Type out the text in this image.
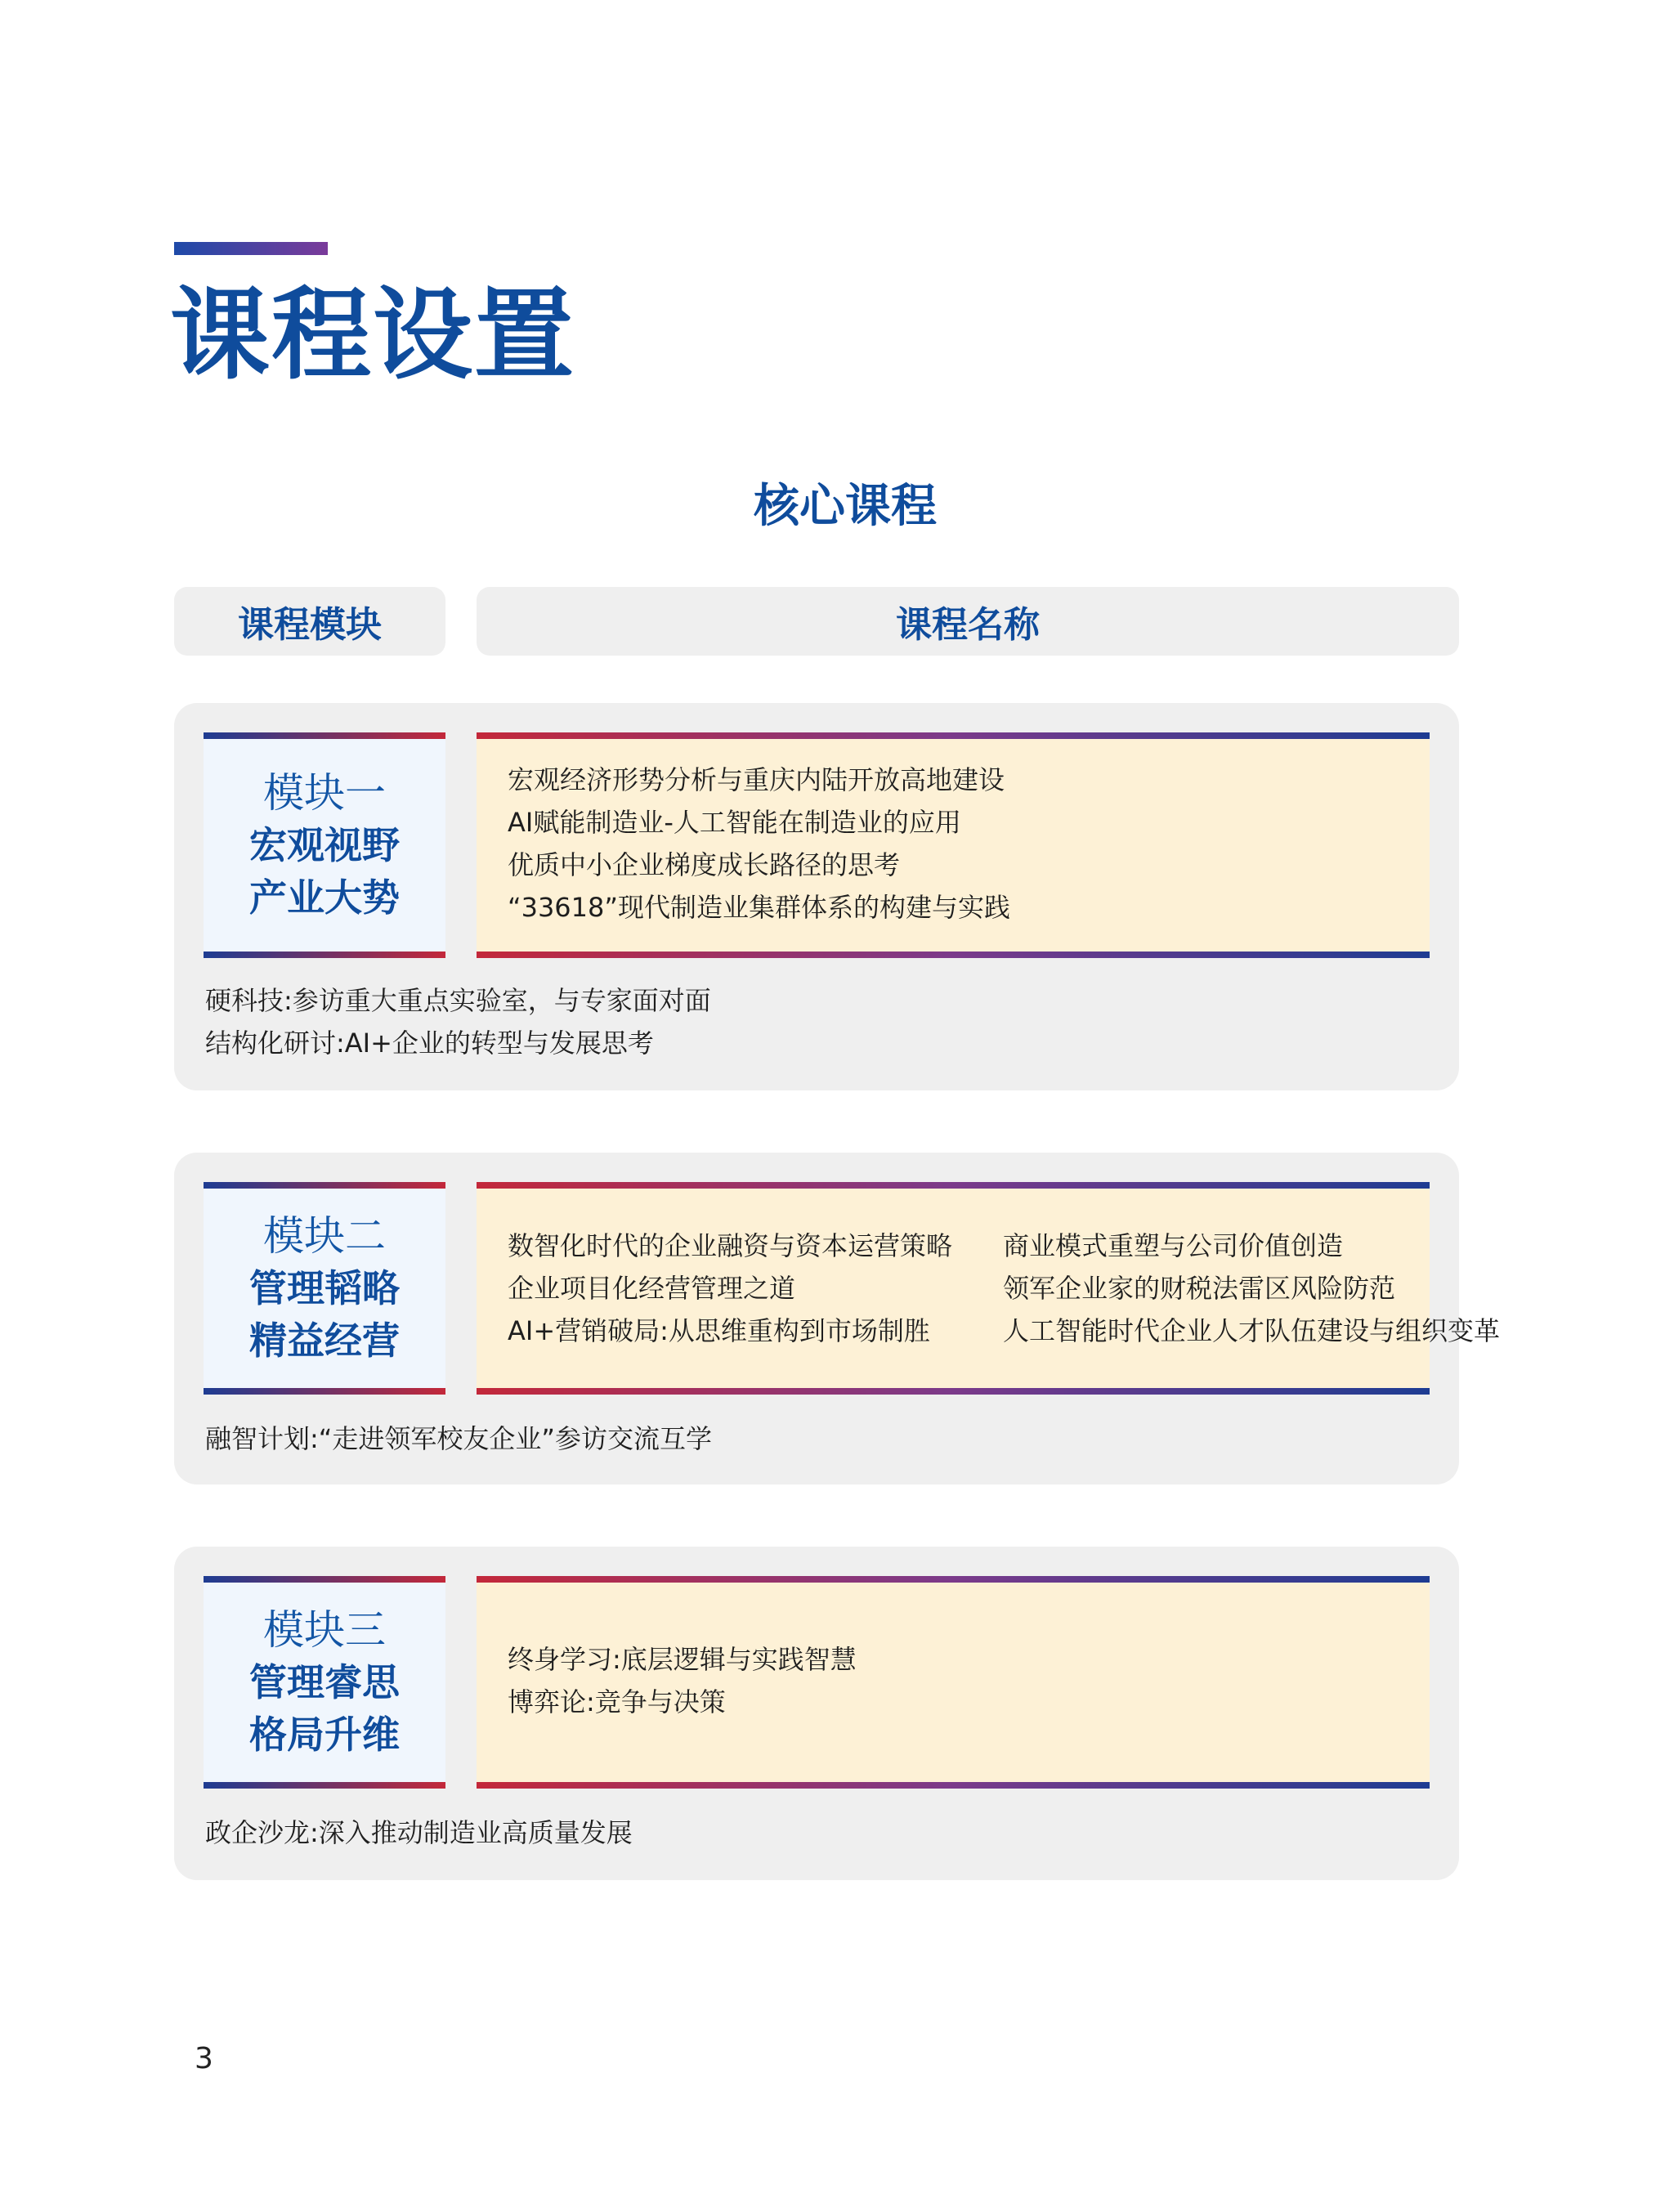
课程设置
核心课程
课程模块	课程名称
模块一
宏观视野
产业大势
宏观经济形势分析与重庆内陆开放高地建设
AI赋能制造业-人工智能在制造业的应用
优质中小企业梯度成长路径的思考
“33618”现代制造业集群体系的构建与实践
硬科技:参访重大重点实验室，与专家面对面
结构化研讨:AI+企业的转型与发展思考
模块二
管理韬略
精益经营
数智化时代的企业融资与资本运营策略
企业项目化经营管理之道
AI+营销破局:从思维重构到市场制胜
商业模式重塑与公司价值创造
领军企业家的财税法雷区风险防范
人工智能时代企业人才队伍建设与组织变革
融智计划:“走进领军校友企业”参访交流互学
模块三
管理睿思
格局升维
终身学习:底层逻辑与实践智慧
博弈论:竞争与决策
政企沙龙:深入推动制造业高质量发展
3
